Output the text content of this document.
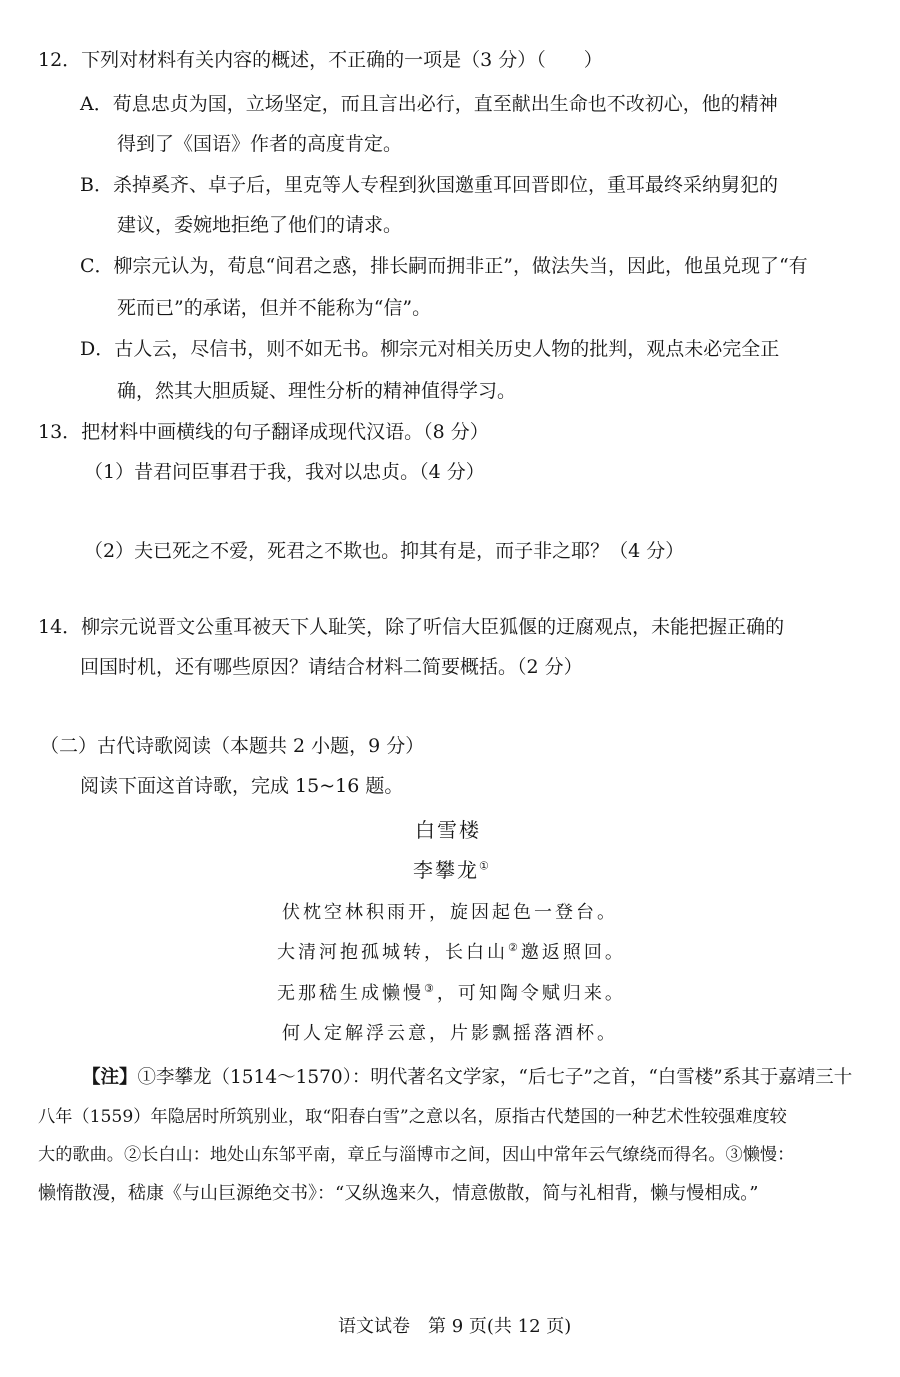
12．下列对材料有关内容的概述，不正确的一项是（3 分）（　　）
A．荀息忠贞为国，立场坚定，而且言出必行，直至献出生命也不改初心，他的精神
得到了《国语》作者的高度肯定。
B．杀掉奚齐、卓子后，里克等人专程到狄国邀重耳回晋即位，重耳最终采纳舅犯的
建议，委婉地拒绝了他们的请求。
C．柳宗元认为，荀息“间君之惑，排长嗣而拥非正”，做法失当，因此，他虽兑现了“有
死而已”的承诺，但并不能称为“信”。
D．古人云，尽信书，则不如无书。柳宗元对相关历史人物的批判，观点未必完全正
确，然其大胆质疑、理性分析的精神值得学习。
13．把材料中画横线的句子翻译成现代汉语。（8 分）
（1）昔君问臣事君于我，我对以忠贞。（4 分）
（2）夫已死之不爱，死君之不欺也。抑其有是，而子非之耶？（4 分）
14．柳宗元说晋文公重耳被天下人耻笑，除了听信大臣狐偃的迂腐观点，未能把握正确的
回国时机，还有哪些原因？请结合材料二简要概括。（2 分）
（二）古代诗歌阅读（本题共 2 小题，9 分）
阅读下面这首诗歌，完成 15~16 题。
白雪楼
李攀龙①
伏枕空林积雨开，旋因起色一登台。
大清河抱孤城转，长白山②邀返照回。
无那嵇生成懒慢③，可知陶令赋归来。
何人定解浮云意，片影飘摇落酒杯。
【注】①李攀龙（1514～1570）：明代著名文学家，“后七子”之首，“白雪楼”系其于嘉靖三十
八年（1559）年隐居时所筑别业，取“阳春白雪”之意以名，原指古代楚国的一种艺术性较强难度较
大的歌曲。②长白山：地处山东邹平南，章丘与淄博市之间，因山中常年云气缭绕而得名。③懒慢：
懒惰散漫，嵇康《与山巨源绝交书》：“又纵逸来久，情意傲散，简与礼相背，懒与慢相成。”
语文试卷　第 9 页(共 12 页)
